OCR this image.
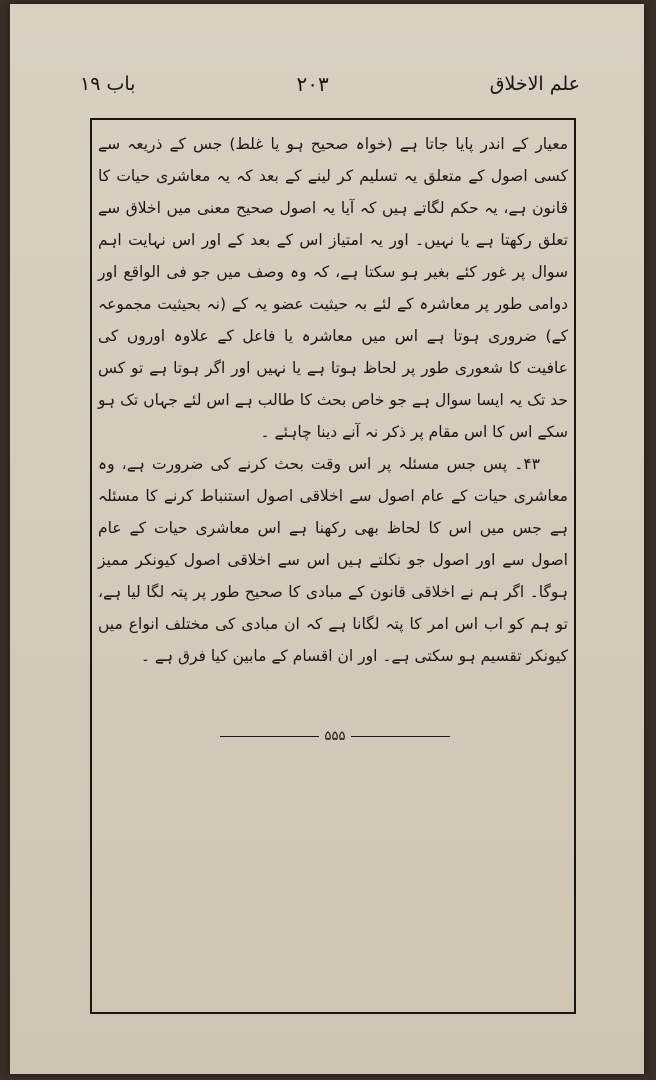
علم الاخلاق
۲۰۳
باب ۱۹

معیار کے اندر پایا جاتا ہے (خواہ صحیح ہو یا غلط) جس کے ذریعہ سے کسی اصول کے متعلق یہ تسلیم کر لینے کے بعد کہ یہ معاشری حیات کا قانون ہے، یہ حکم لگاتے ہیں کہ آیا یہ اصول صحیح معنی میں اخلاق سے تعلق رکھتا ہے یا نہیں۔ اور یہ امتیاز اس کے بعد کے اور اس نہایت اہم سوال پر غور کئے بغیر ہو سکتا ہے، کہ وہ وصف میں جو فی الواقع اور دوامی طور پر معاشرہ کے لئے بہ حیثیت عضو یہ کے (نہ بحیثیت مجموعہ کے) ضروری ہوتا ہے اس میں معاشرہ یا فاعل کے علاوہ اوروں کی عافیت کا شعوری طور پر لحاظ ہوتا ہے یا نہیں اور اگر ہوتا ہے تو کس حد تک یہ ایسا سوال ہے جو خاص بحث کا طالب ہے اس لئے جہاں تک ہو سکے اس کا اس مقام پر ذکر نہ آنے دینا چاہئے ۔

۴۳۔ پس جس مسئلہ پر اس وقت بحث کرنے کی ضرورت ہے، وہ معاشری حیات کے عام اصول سے اخلاقی اصول استنباط کرنے کا مسئلہ ہے جس میں اس کا لحاظ بھی رکھنا ہے اس معاشری حیات کے عام اصول سے اور اصول جو نکلتے ہیں اس سے اخلاقی اصول کیونکر ممیز ہوگا۔ اگر ہم نے اخلاقی قانون کے مبادی کا صحیح طور پر پتہ لگا لیا ہے، تو ہم کو اب اس امر کا پتہ لگانا ہے کہ ان مبادی کی مختلف انواع میں کیونکر تقسیم ہو سکتی ہے۔ اور ان اقسام کے مابین کیا فرق ہے ۔

۵۵۵
